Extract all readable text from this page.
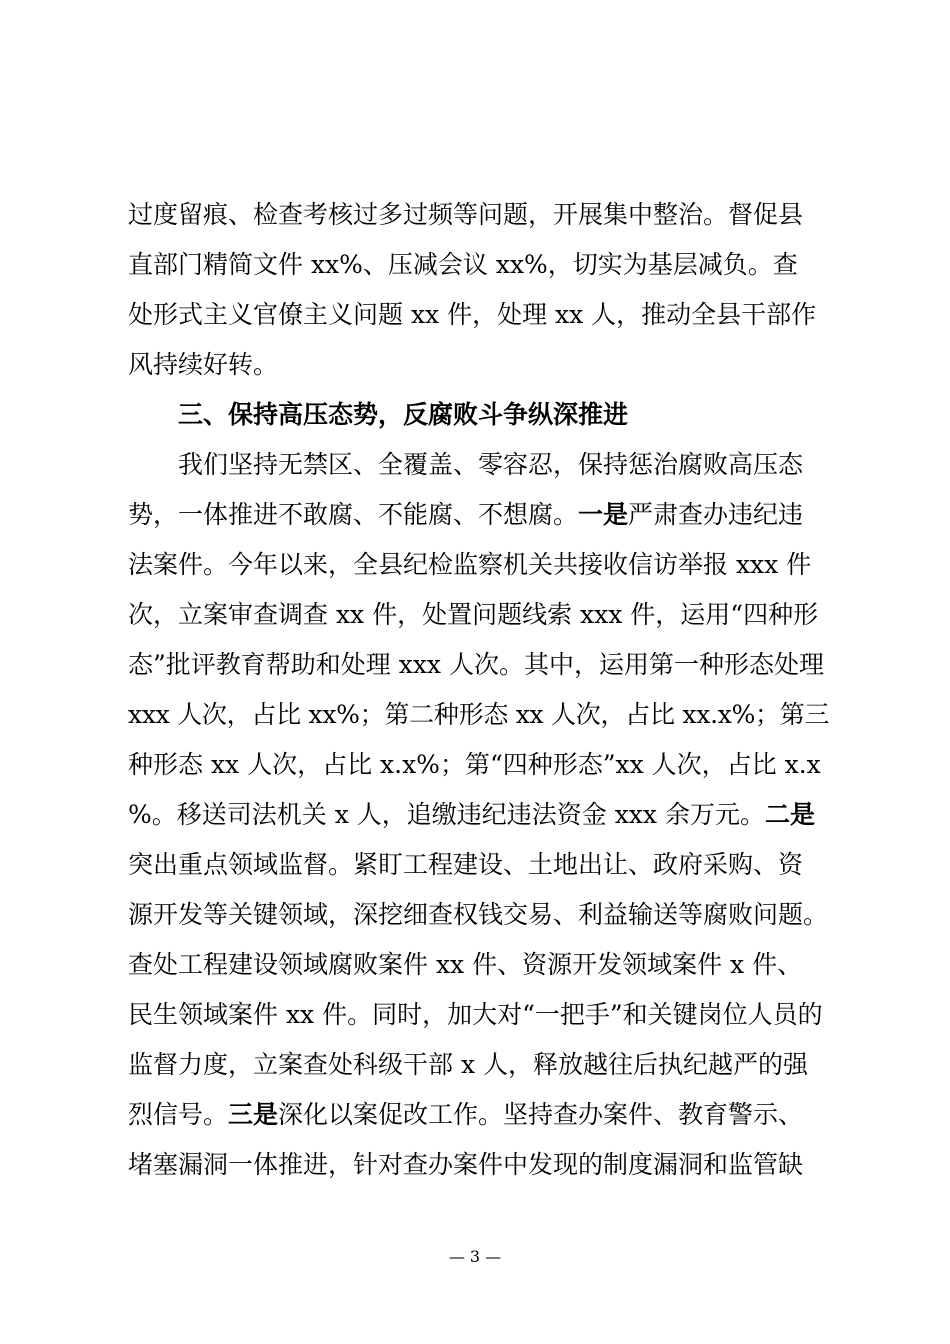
过度留痕、检查考核过多过频等问题，开展集中整治。督促县
直部门精简文件 xx%、压减会议 xx%，切实为基层减负。查
处形式主义官僚主义问题 xx 件，处理 xx 人，推动全县干部作
风持续好转。
三、保持高压态势，反腐败斗争纵深推进
我们坚持无禁区、全覆盖、零容忍，保持惩治腐败高压态
势，一体推进不敢腐、不能腐、不想腐。一是严肃查办违纪违
法案件。今年以来，全县纪检监察机关共接收信访举报 xxx 件
次，立案审查调查 xx 件，处置问题线索 xxx 件，运用“四种形
态”批评教育帮助和处理 xxx 人次。其中，运用第一种形态处理
xxx 人次，占比 xx%；第二种形态 xx 人次，占比 xx.x%；第三
种形态 xx 人次，占比 x.x%；第“四种形态”xx 人次，占比 x.x
%。移送司法机关 x 人，追缴违纪违法资金 xxx 余万元。二是
突出重点领域监督。紧盯工程建设、土地出让、政府采购、资
源开发等关键领域，深挖细查权钱交易、利益输送等腐败问题。
查处工程建设领域腐败案件 xx 件、资源开发领域案件 x 件、
民生领域案件 xx 件。同时，加大对“一把手”和关键岗位人员的
监督力度，立案查处科级干部 x 人，释放越往后执纪越严的强
烈信号。三是深化以案促改工作。坚持查办案件、教育警示、
堵塞漏洞一体推进，针对查办案件中发现的制度漏洞和监管缺
— 3 —
